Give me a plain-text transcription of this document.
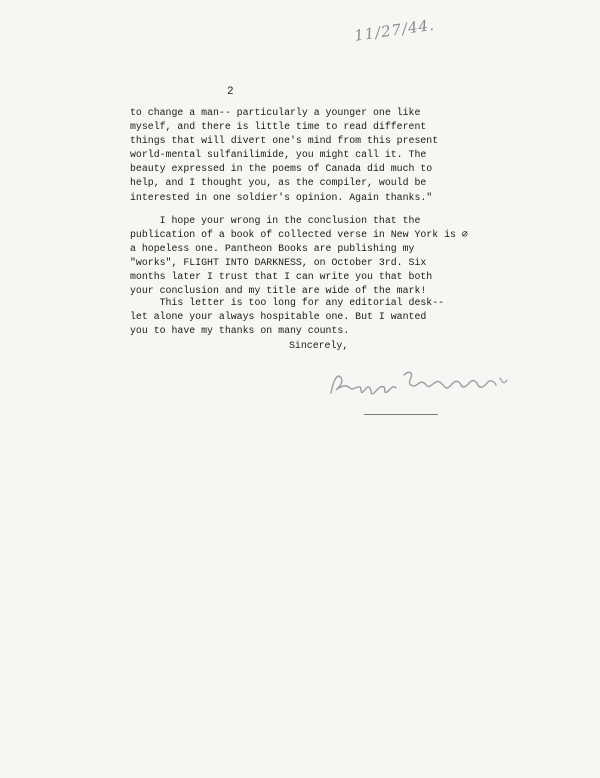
11/27/44.
2
to change a man-- particularly a younger one like
myself, and there is little time to read different
things that will divert one's mind from this present
world-mental sulfanilimide, you might call it. The
beauty expressed in the poems of Canada did much to
help, and I thought you, as the compiler, would be
interested in one soldier's opinion. Again thanks."
I hope your wrong in the conclusion that the
publication of a book of collected verse in New York is ∅
a hopeless one. Pantheon Books are publishing my
"works", FLIGHT INTO DARKNESS, on October 3rd. Six
months later I trust that I can write you that both
your conclusion and my title are wide of the mark!
This letter is too long for any editorial desk--
let alone your always hospitable one. But I wanted
you to have my thanks on many counts.
Sincerely,
